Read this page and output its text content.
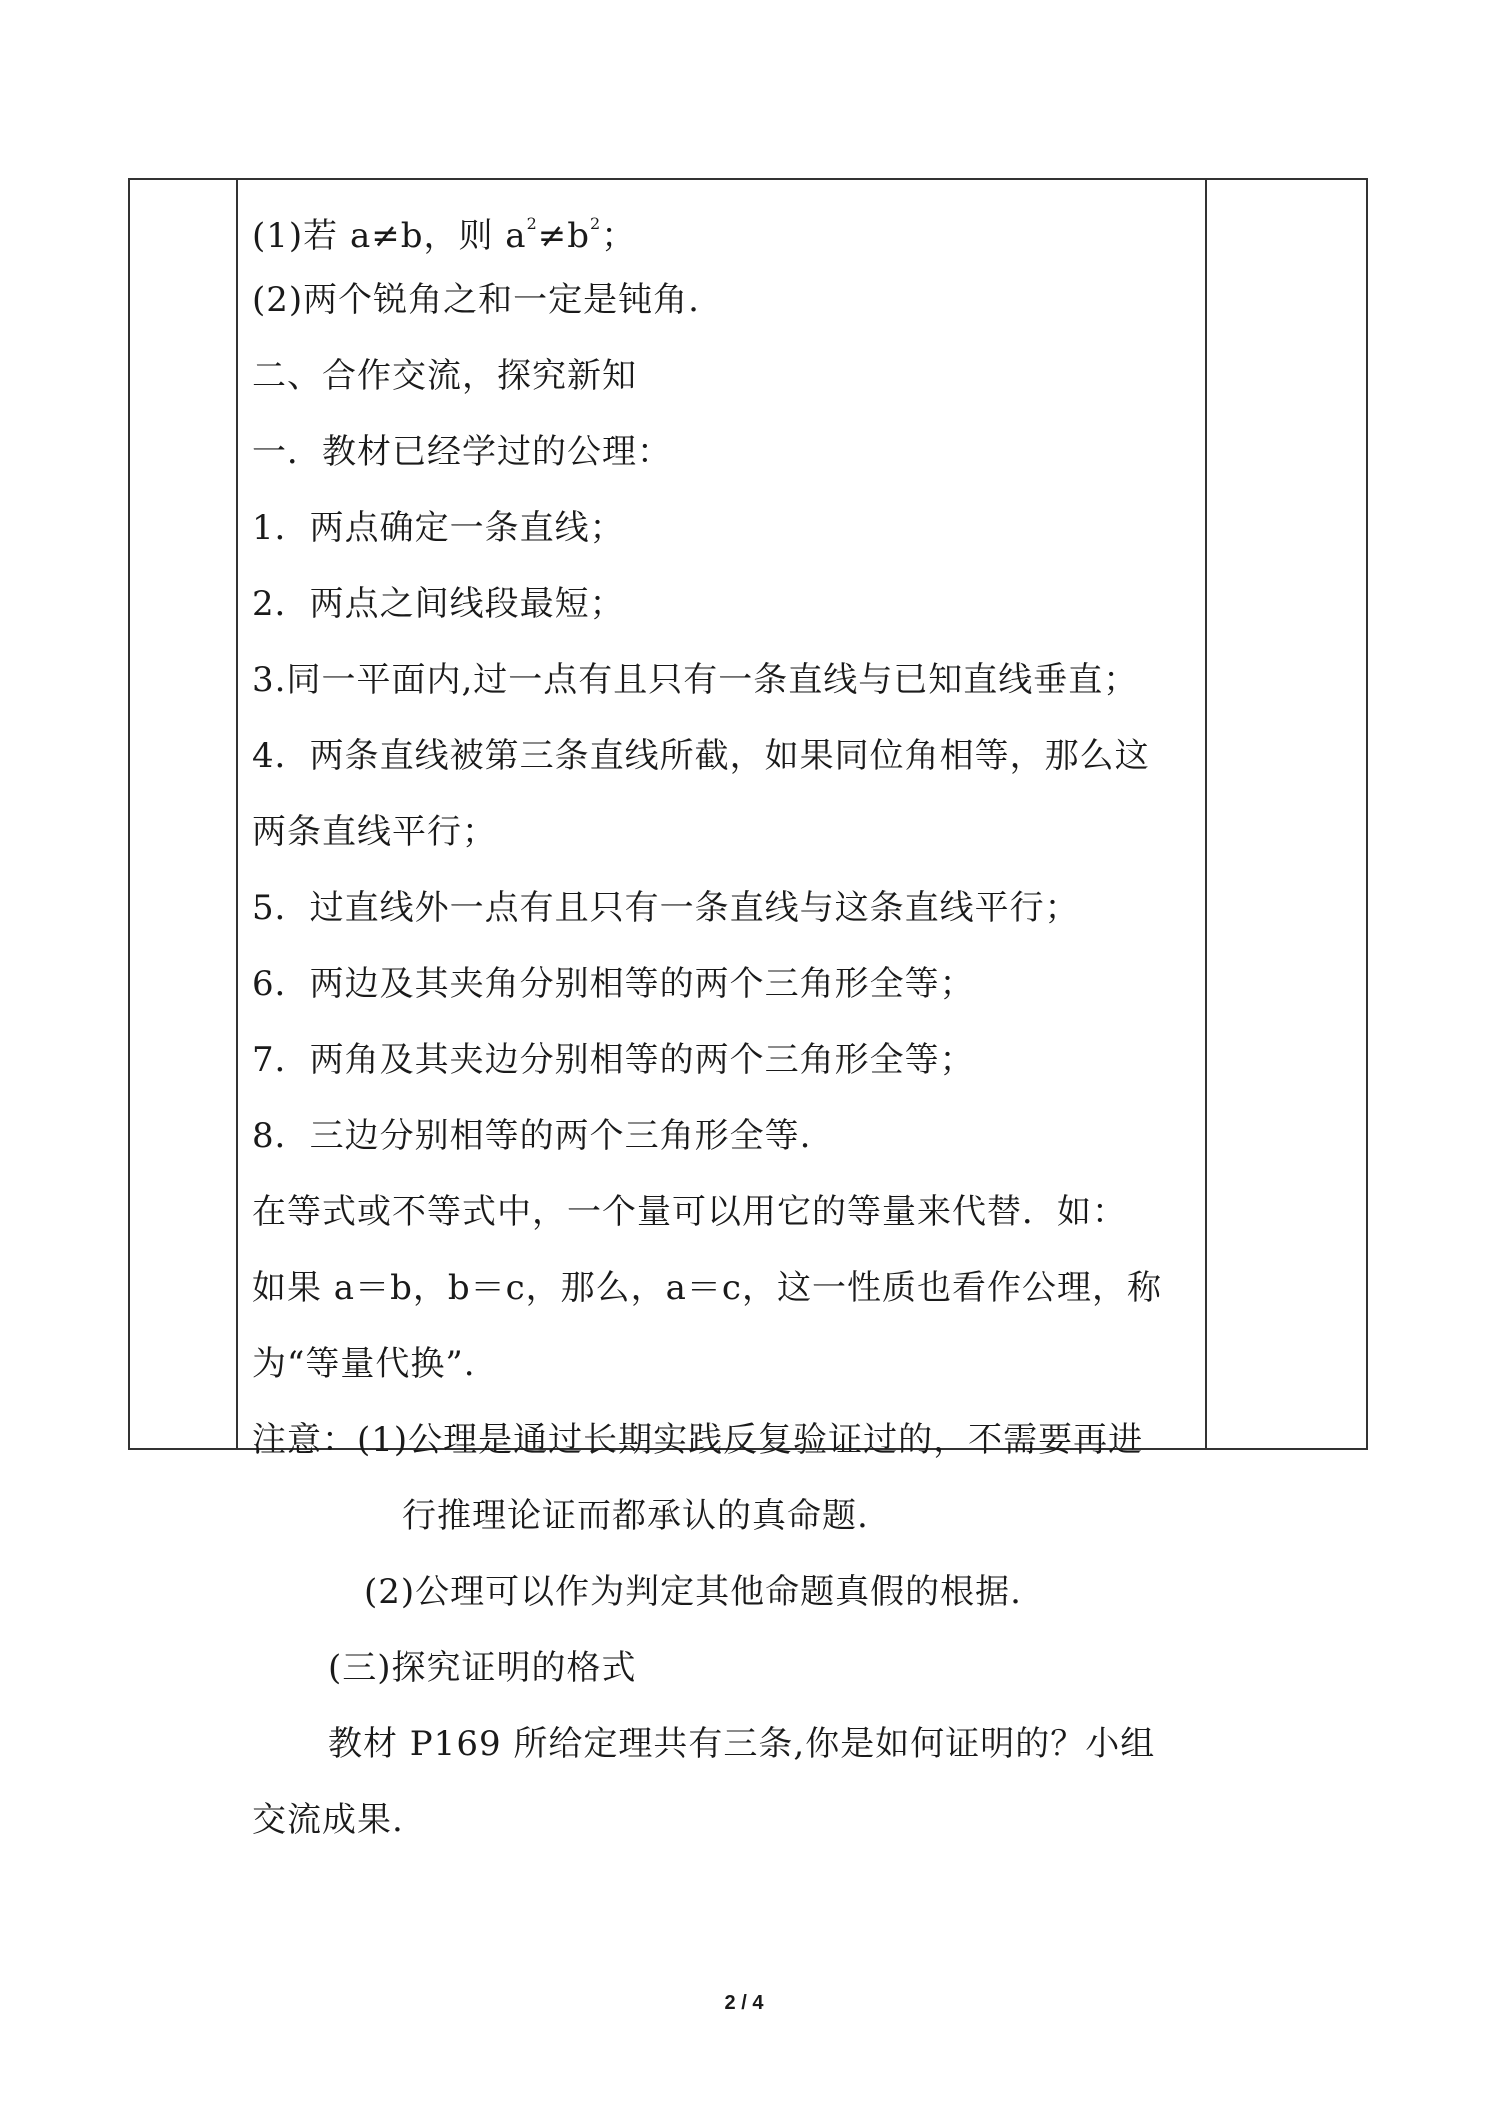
(1)若 a≠b，则 $a^2\ne b^2$；
(2)两个锐角之和一定是钝角.
二、合作交流，探究新知
一．教材已经学过的公理：
1．两点确定一条直线；
2．两点之间线段最短；
3.同一平面内,过一点有且只有一条直线与已知直线垂直；
4．两条直线被第三条直线所截，如果同位角相等，那么这
两条直线平行；
5．过直线外一点有且只有一条直线与这条直线平行；
6．两边及其夹角分别相等的两个三角形全等；
7．两角及其夹边分别相等的两个三角形全等；
8．三边分别相等的两个三角形全等.
在等式或不等式中，一个量可以用它的等量来代替．如：
如果 a＝b，b＝c，那么，a＝c，这一性质也看作公理，称
为“等量代换”.
注意：(1)公理是通过长期实践反复验证过的，不需要再进
行推理论证而都承认的真命题.
(2)公理可以作为判定其他命题真假的根据.
(三)探究证明的格式
教材 P169 所给定理共有三条,你是如何证明的？小组
交流成果.
2 / 4
